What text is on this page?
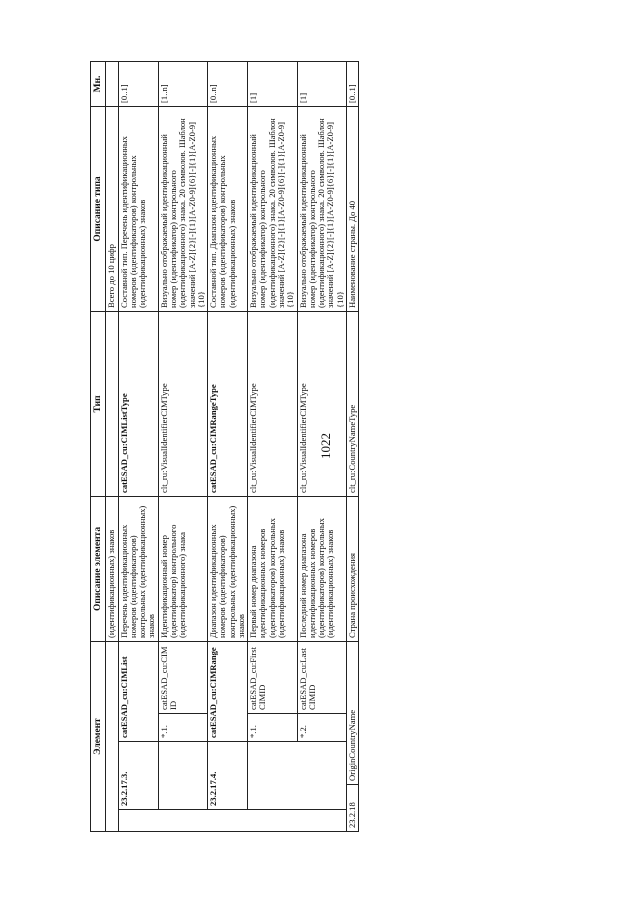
1022
Элемент					Описание элемента	Тип	Описание типа	Мн.
					(идентификационных) знаков		Всего до 10 цифр	
	23.2.17.3.		catESAD_cu:CIMList		Перечень идентификационных номеров (идентификаторов) контрольных (идентификационных) знаков	catESAD_cu:CIMListType	Составной тип. Перечень идентификационных номеров (идентификаторов) контрольных (идентификационных) знаков	[0..1]
			*.1.	catESAD_cu:CIMID	Идентификационный номер (идентификатор) контрольного (идентификационного) знака	clt_ru:VisualIdentifierCIMType	Визуально отображаемый идентификационный номер (идентификатор) контрольного (идентификационного) знака. 20 символов. Шаблон значений [A-Z]{2}[-]{1}[A-Z0-9]{6}[-]{1}[A-Z0-9]{10}	[1..n]
	23.2.17.4.		catESAD_cu:CIMRange		Диапазон идентификационных номеров (идентификаторов) контрольных (идентификационных) знаков	catESAD_cu:CIMRangeType	Составной тип. Диапазон идентификационных номеров (идентификаторов) контрольных (идентификационных) знаков	[0..n]
			*.1.	catESAD_cu:FirstCIMID	Первый номер диапазона идентификационных номеров (идентификаторов) контрольных (идентификационных) знаков	clt_ru:VisualIdentifierCIMType	Визуально отображаемый идентификационный номер (идентификатор) контрольного (идентификационного) знака. 20 символов. Шаблон значений [A-Z]{2}[-]{1}[A-Z0-9]{6}[-]{1}[A-Z0-9]{10}	[1]
			*.2.	catESAD_cu:LastCIMID	Последний номер диапазона идентификационных номеров (идентификаторов) контрольных (идентификационных) знаков	clt_ru:VisualIdentifierCIMType	Визуально отображаемый идентификационный номер (идентификатор) контрольного (идентификационного) знака. 20 символов. Шаблон значений [A-Z]{2}[-]{1}[A-Z0-9]{6}[-]{1}[A-Z0-9]{10}	[1]
23.2.18		OriginCountryName			Страна происхождения	clt_ru:CountryNameType	Наименование страны. До 40	[0..1]
